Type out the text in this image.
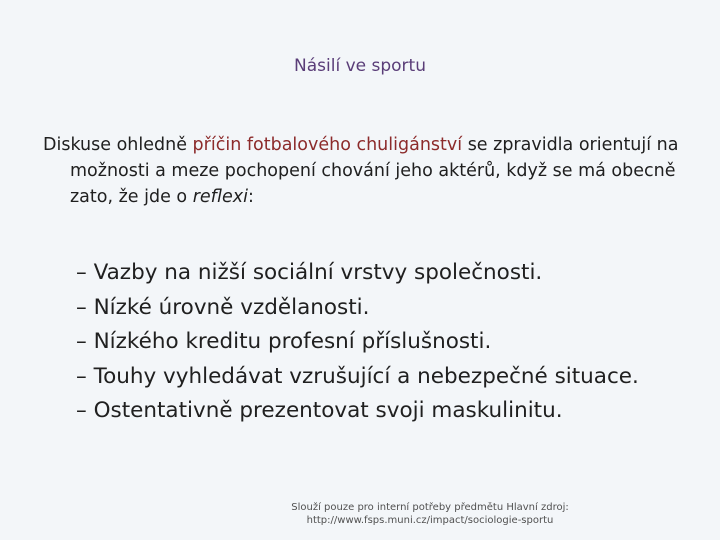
Násilí ve sportu

Diskuse ohledně příčin fotbalového chuligánství se zpravidla orientují na možnosti a meze pochopení chování jeho aktérů, když se má obecně zato, že jde o reflexi:

– Vazby na nižší sociální vrstvy společnosti.
– Nízké úrovně vzdělanosti.
– Nízkého kreditu profesní příslušnosti.
– Touhy vyhledávat vzrušující a nebezpečné situace.
– Ostentativně prezentovat svoji maskulinitu.
Slouží pouze pro interní potřeby předmětu Hlavní zdroj:
http://www.fsps.muni.cz/impact/sociologie-sportu
